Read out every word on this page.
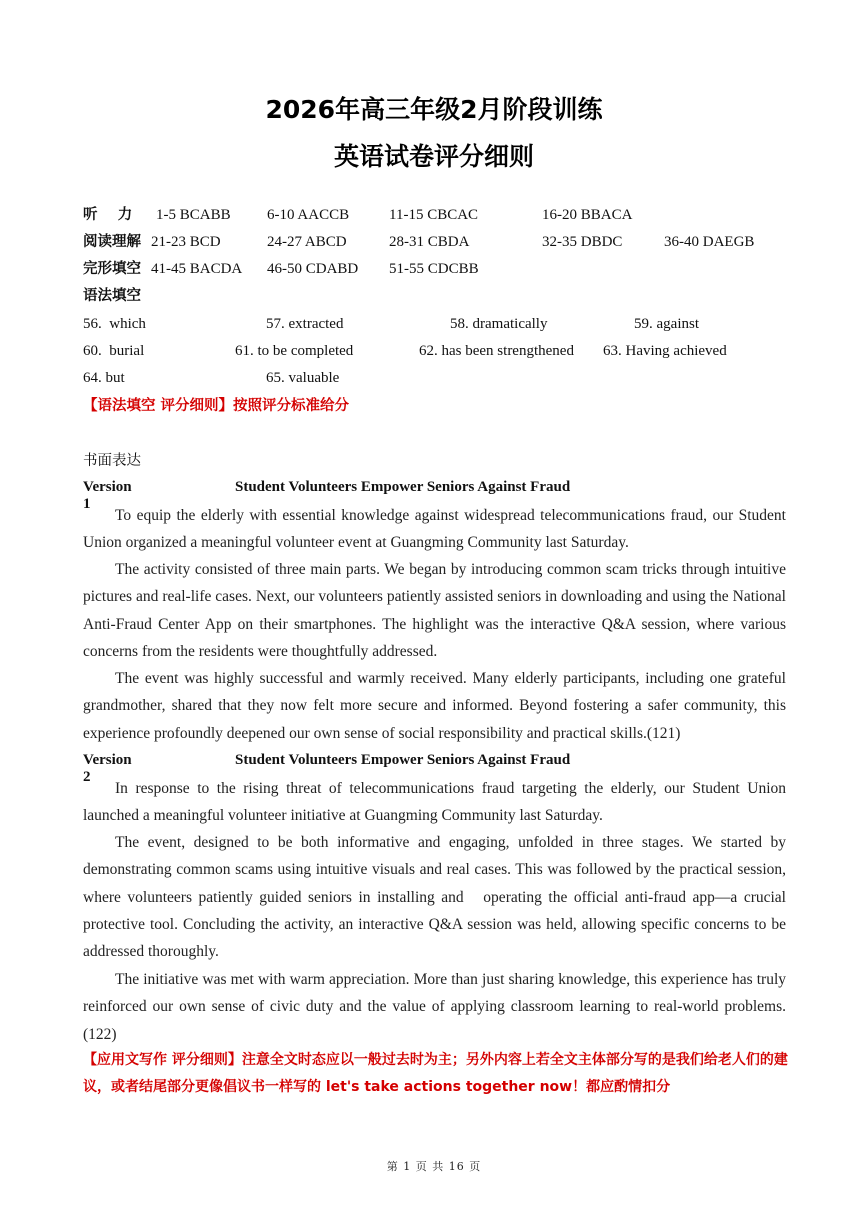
2026年高三年级2月阶段训练
英语试卷评分细则
听    力 1-5 BCABB 6-10 AACCB	11-15 CBCAC	16-20 BBACA
阅读理解 21-23 BCD	24-27 ABCD	28-31 CBDA	32-35 DBDC	36-40 DAEGB
完形填空 41-45 BACDA 46-50 CDABD 51-55 CDCBB
语法填空
56.  which	57. extracted	58. dramatically	59. against
60.  burial	61. to be completed	62. has been strengthened 63. Having achieved
64. but	65. valuable
【语法填空 评分细则】按照评分标准给分
书面表达
Version 1
Student Volunteers Empower Seniors Against Fraud

To equip the elderly with essential knowledge against widespread telecommunications fraud, our Student Union organized a meaningful volunteer event at Guangming Community last Saturday.

The activity consisted of three main parts. We began by introducing common scam tricks through intuitive pictures and real-life cases. Next, our volunteers patiently assisted seniors in downloading and using the National Anti-Fraud Center App on their smartphones. The highlight was the interactive Q&A session, where various concerns from the residents were thoughtfully addressed.

The event was highly successful and warmly received. Many elderly participants, including one grateful grandmother, shared that they now felt more secure and informed. Beyond fostering a safer community, this experience profoundly deepened our own sense of social responsibility and practical skills.(121)

Version 2
Student Volunteers Empower Seniors Against Fraud

In response to the rising threat of telecommunications fraud targeting the elderly, our Student Union launched a meaningful volunteer initiative at Guangming Community last Saturday.

The event, designed to be both informative and engaging, unfolded in three stages. We started by demonstrating common scams using intuitive visuals and real cases. This was followed by the practical session, where volunteers patiently guided seniors in installing and   operating the official anti-fraud app—a crucial protective tool. Concluding the activity, an interactive Q&A session was held, allowing specific concerns to be addressed thoroughly.

The initiative was met with warm appreciation. More than just sharing knowledge, this experience has truly reinforced our own sense of civic duty and the value of applying classroom learning to real-world problems.(122)

【应用文写作 评分细则】注意全文时态应以一般过去时为主；另外内容上若全文主体部分写的是我们给老人们的建议，或者结尾部分更像倡议书一样写的 let's take actions together now！都应酌情扣分

第 1 页 共 16 页
